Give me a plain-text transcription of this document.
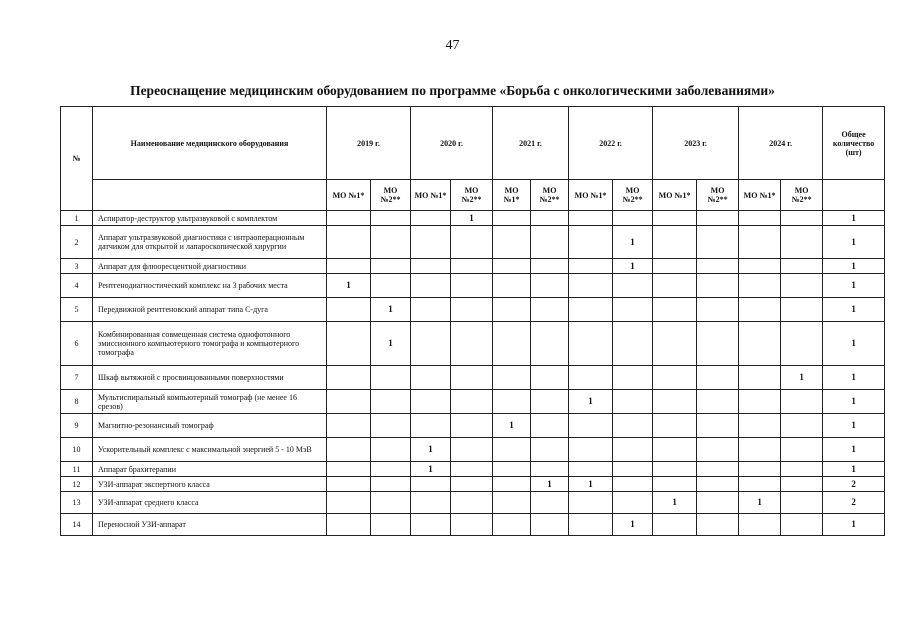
47
Переоснащение медицинским оборудованием по программе «Борьба с онкологическими заболеваниями»
№	Наименование медицинского оборудования	2019 г.		2020 г.		2021 г.		2022 г.		2023 г.		2024 г.		Общее количество (шт)
		МО №1*	МО №2**	МО №1*	МО №2**	МО №1*	МО №2**	МО №1*	МО №2**	МО №1*	МО №2**	МО №1*	МО №2**	
1	Аспиратор-деструктор ультразвуковой с комплектом				1									1
2	Аппарат ультразвуковой диагностики с интраоперационным датчиком для открытой и лапароскопической хирургии								1					1
3	Аппарат для флюоресцентной диагностики								1					1
4	Рентгенодиагностический комплекс на 3 рабочих места	1												1
5	Передвижной рентгеновский аппарат типа С-дуга		1											1
6	Комбинированная совмещенная система однофотонного эмиссионного компьютерного томографа и компьютерного томографа		1											1
7	Шкаф вытяжной с просвинцованными поверхностями												1	1
8	Мультиспиральный компьютерный томограф (не менее 16 срезов)							1						1
9	Магнитно-резонансный томограф					1								1
10	Ускорительный комплекс с максимальной энергией 5 - 10 МэВ			1										1
11	Аппарат брахитерапии			1										1
12	УЗИ-аппарат экспертного класса						1	1						2
13	УЗИ-аппарат среднего класса									1		1		2
14	Переносной УЗИ-аппарат								1					1
